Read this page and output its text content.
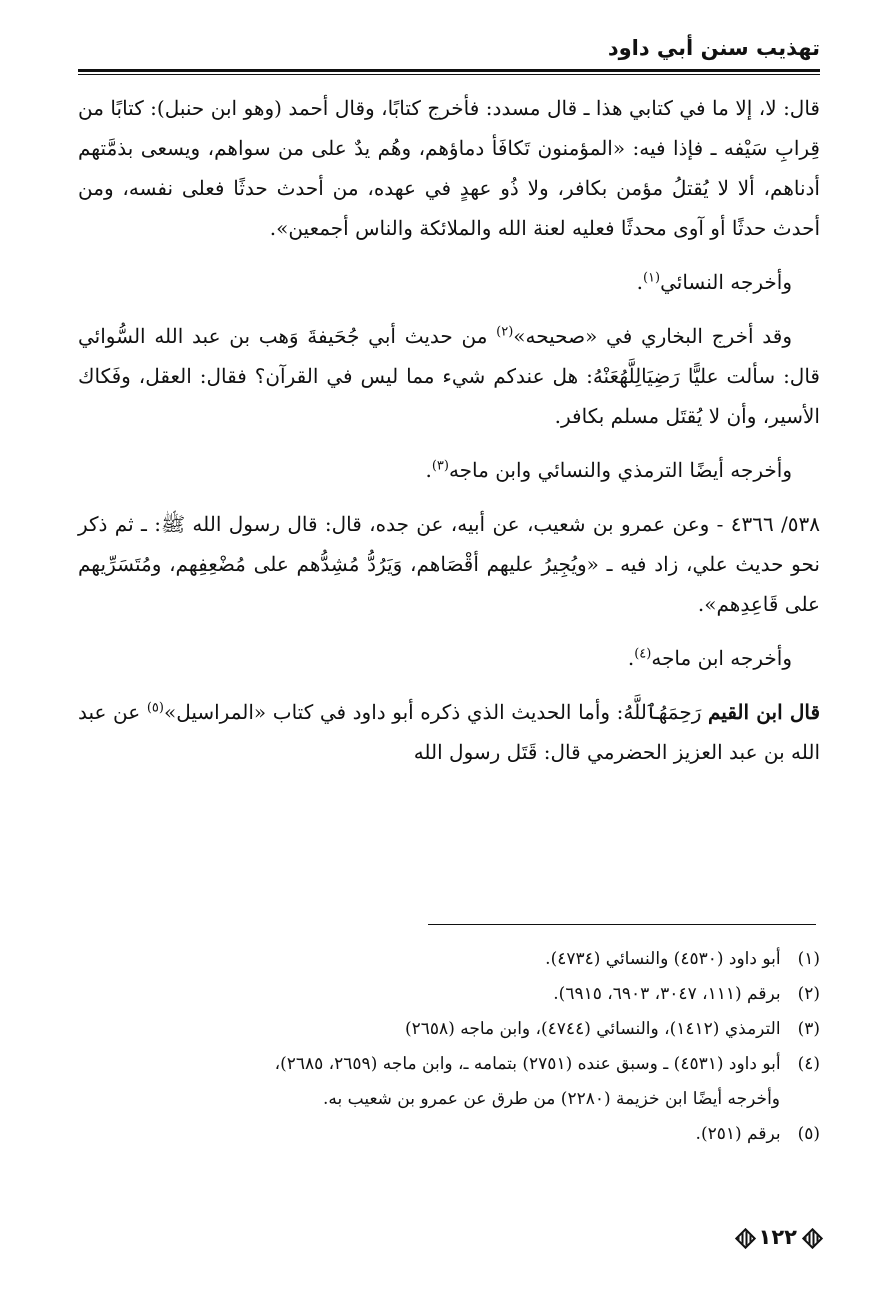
تهذيب سنن أبي داود

قال: لا، إلا ما في كتابي هذا ـ قال مسدد: فأخرج كتابًا، وقال أحمد (وهو ابن حنبل): كتابًا من قِرابِ سَيْفه ـ فإذا فيه: «المؤمنون تَكافَأ دماؤهم، وهُم يدٌ على من سواهم، ويسعى بذمَّتهم أدناهم، ألا لا يُقتلُ مؤمن بكافر، ولا ذُو عهدٍ في عهده، من أحدث حدثًا فعلى نفسه، ومن أحدث حدثًا أو آوى محدثًا فعليه لعنة الله والملائكة والناس أجمعين».

وأخرجه النسائي$^{(١)}$.

وقد أخرج البخاري في «صحيحه»$^{(٢)}$ من حديث أبي جُحَيفةَ وَهب بن عبد الله السُّوائي قال: سألت عليًّا رَضِيَالِلَّهُعَنْهُ: هل عندكم شيء مما ليس في القرآن؟ فقال: العقل، وفَكاك الأسير، وأن لا يُقتَل مسلم بكافر.

وأخرجه أيضًا الترمذي والنسائي وابن ماجه$^{(٣)}$.

٥٣٨/ ٤٣٦٦ - وعن عمرو بن شعيب، عن أبيه، عن جده، قال: قال رسول الله ﷺ: ـ ثم ذكر نحو حديث علي، زاد فيه ـ «ويُجِيرُ عليهم أقْصَاهم، وَيَرُدُّ مُشِدُّهم على مُضْعِفِهم، ومُتَسَرِّيهم على قَاعِدِهم».

وأخرجه ابن ماجه$^{(٤)}$.

قال ابن القيم رَحِمَهُٱللَّهُ: وأما الحديث الذي ذكره أبو داود في كتاب «المراسيل»$^{(٥)}$ عن عبد الله بن عبد العزيز الحضرمي قال: قَتَل رسول الله

(١) أبو داود (٤٥٣٠) والنسائي (٤٧٣٤).

(٢) برقم (١١١، ٣٠٤٧، ٦٩٠٣، ٦٩١٥).

(٣) الترمذي (١٤١٢)، والنسائي (٤٧٤٤)، وابن ماجه (٢٦٥٨)

(٤) أبو داود (٤٥٣١) ـ وسبق عنده (٢٧٥١) بتمامه ـ، وابن ماجه (٢٦٥٩، ٢٦٨٥)،

وأخرجه أيضًا ابن خزيمة (٢٢٨٠) من طرق عن عمرو بن شعيب به.

(٥) برقم (٢٥١).

١٢٢
